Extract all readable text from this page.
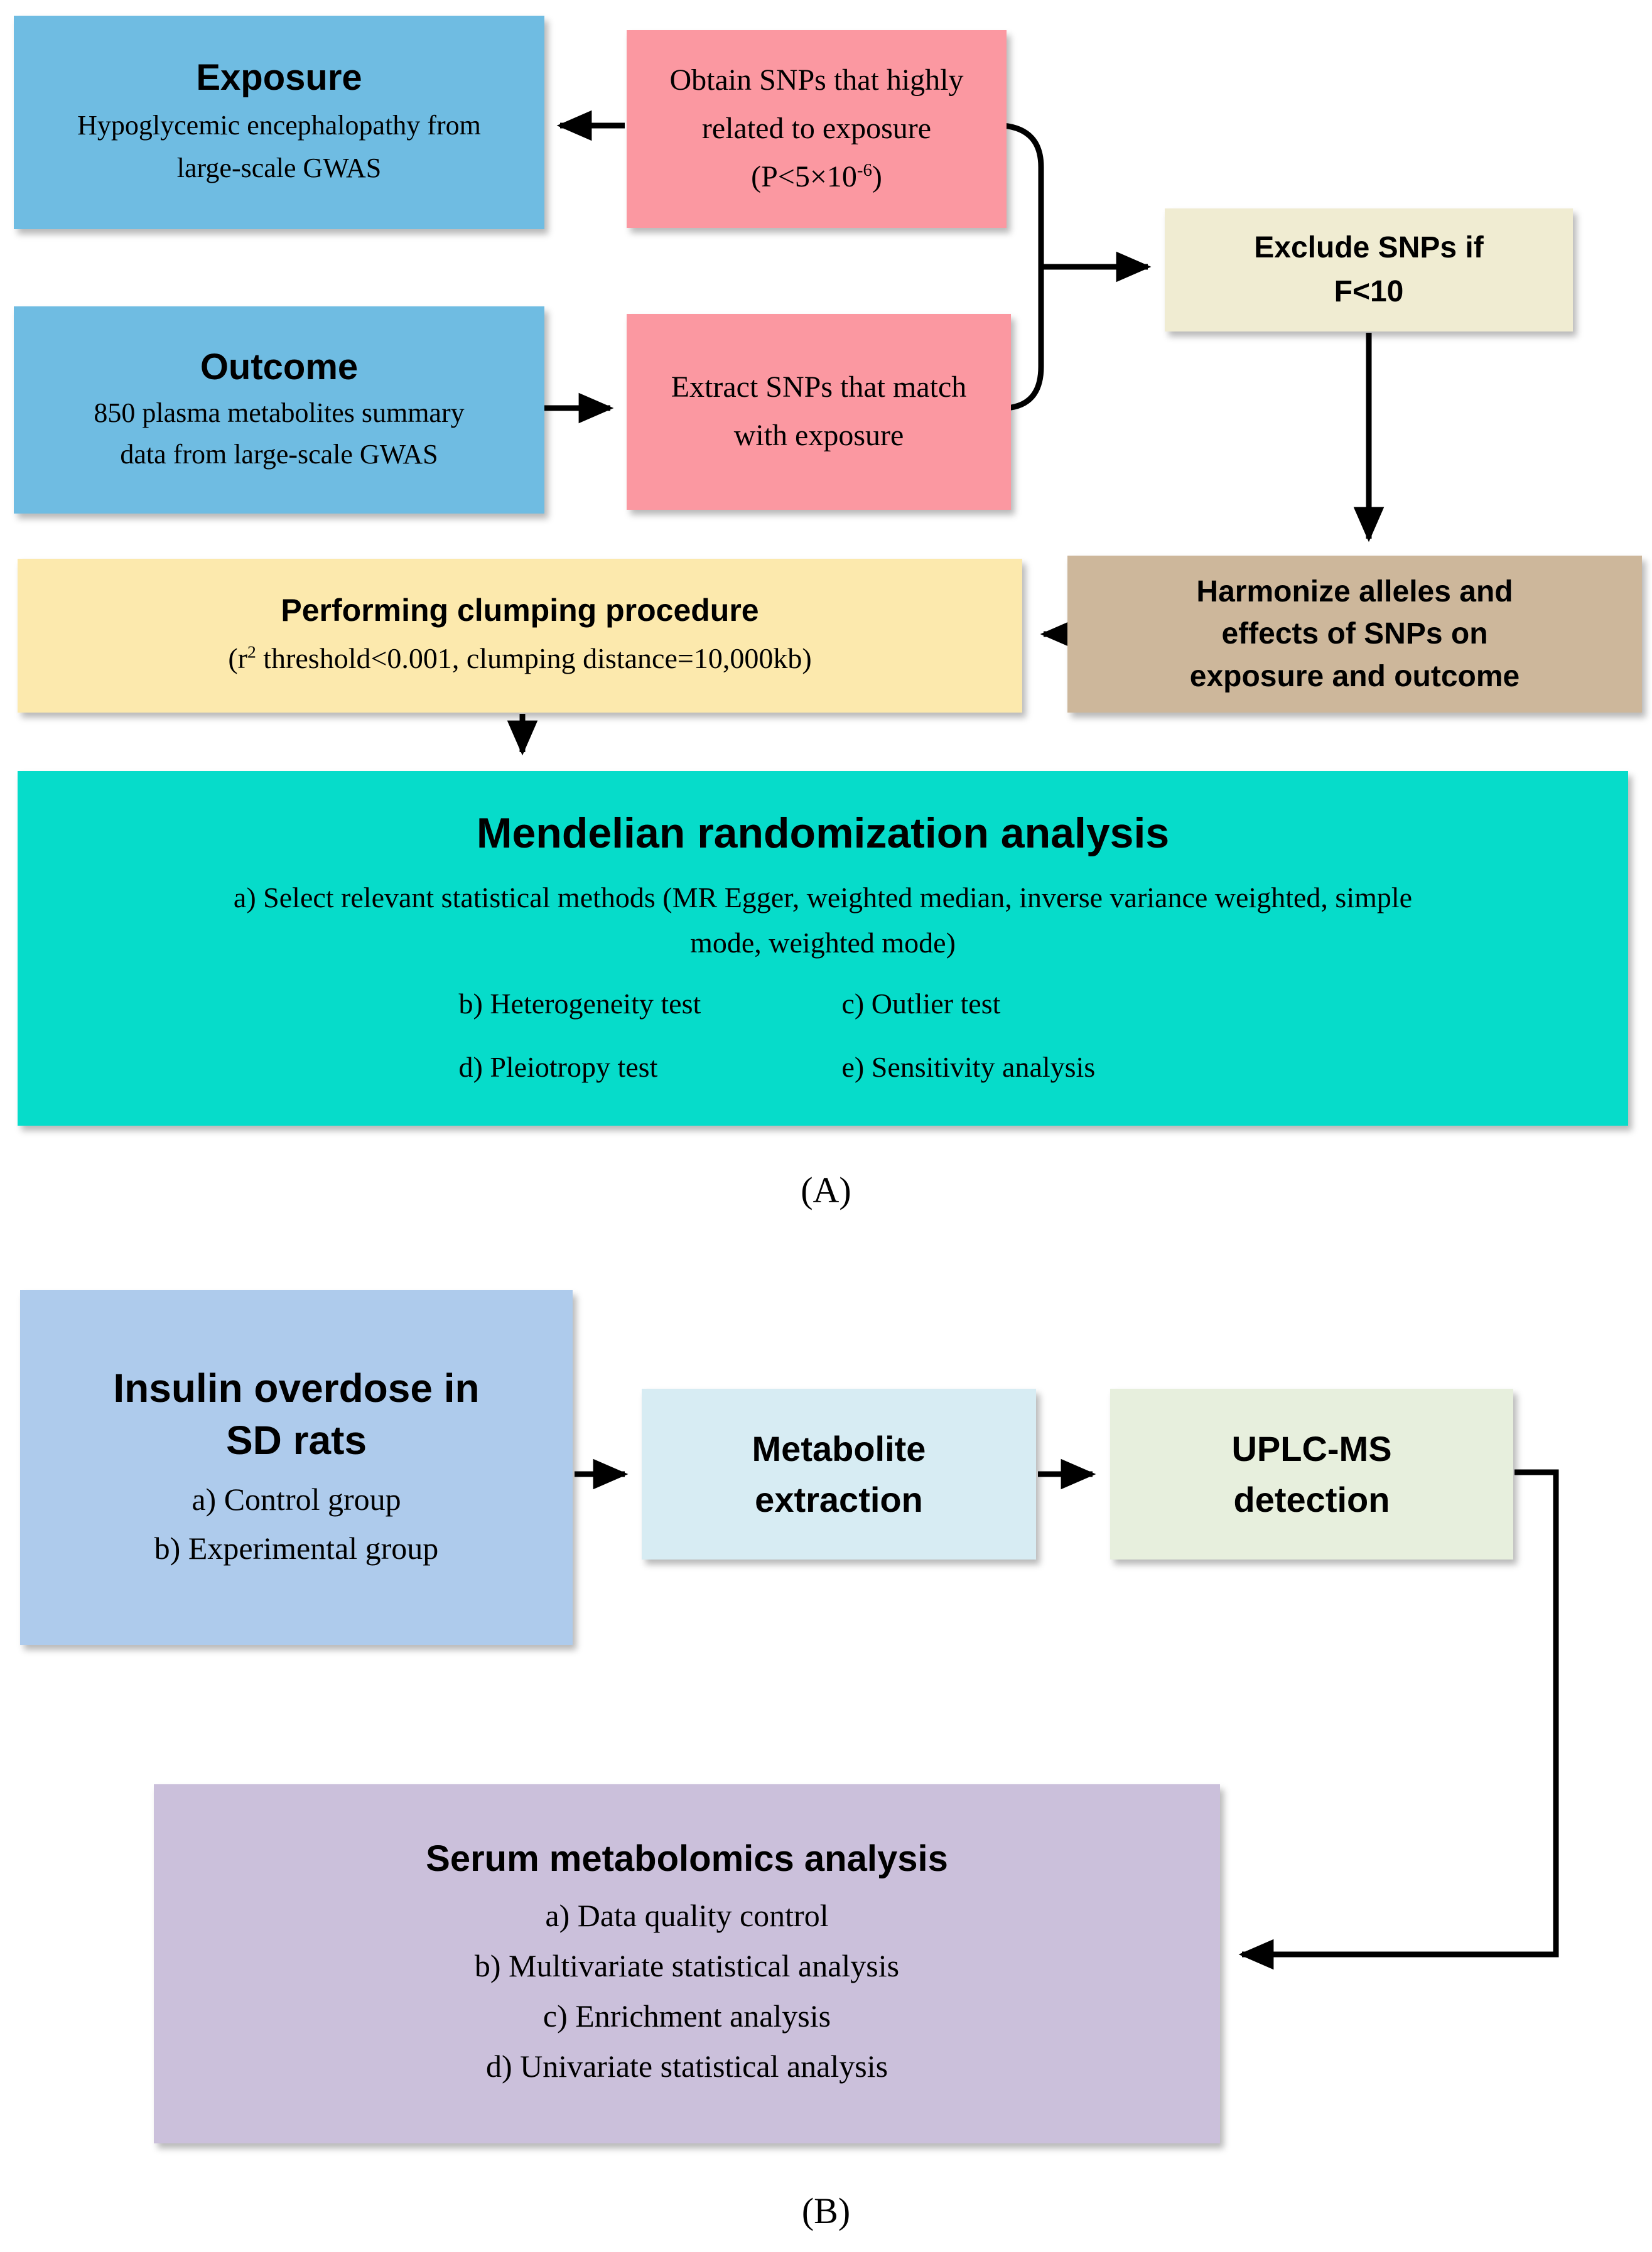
Exposure
Hypoglycemic encephalopathy from large-scale GWAS
Obtain SNPs that highly related to exposure $(P<5\times 10^{-6})$
Exclude SNPs if F<10
Outcome
850 plasma metabolites summary data from large-scale GWAS
Extract SNPs that match with exposure
Performing clumping procedure
($r^2$ threshold<0.001, clumping distance=10,000kb)
Harmonize alleles and effects of SNPs on exposure and outcome
Mendelian randomization analysis
a) Select relevant statistical methods (MR Egger, weighted median, inverse variance weighted, simple
mode, weighted mode)
b) Heterogeneity test	c) Outlier test
d) Pleiotropy test	e) Sensitivity analysis
(A)
Insulin overdose in SD rats
a) Control group
b) Experimental group
Metabolite extraction
UPLC-MS detection
Serum metabolomics analysis
a) Data quality control
b) Multivariate statistical analysis
c) Enrichment analysis
d) Univariate statistical analysis
(B)
